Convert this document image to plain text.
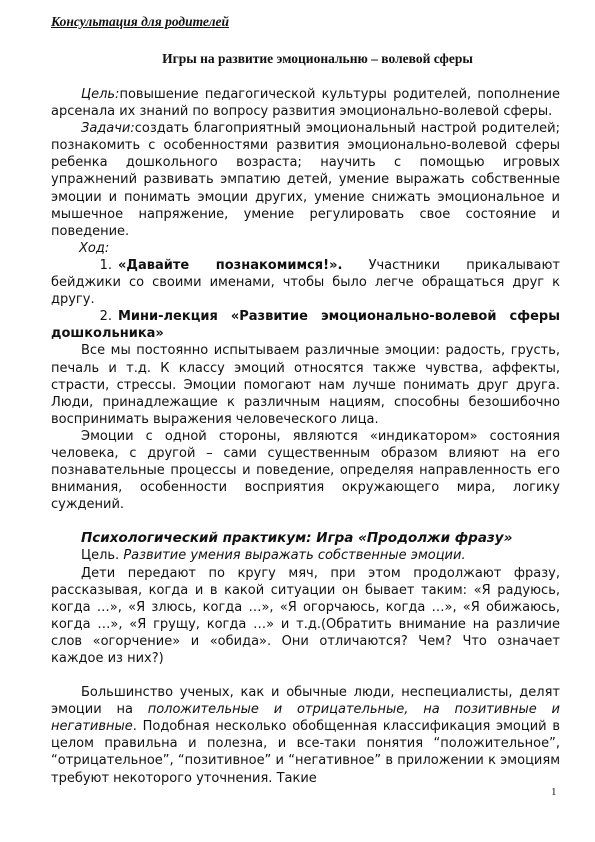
Консультация для родителей
Игры на развитие эмоциональню – волевой сферы

Цель:повышение педагогической культуры родителей, пополнение арсенала их знаний по вопросу развития эмоционально-волевой сферы.

Задачи:создать благоприятный эмоциональный настрой родителей; познакомить с особенностями развития эмоционально-волевой сферы ребенка дошкольного возраста; научить с помощью игровых упражнений развивать эмпатию детей, умение выражать собственные эмоции и понимать эмоции других, умение снижать эмоциональное и мышечное напряжение, умение регулировать свое состояние и поведение.

Ход:

1. «Давайте познакомимся!». Участники прикалывают бейджики со своими именами, чтобы было легче обращаться друг к другу.

2. Мини-лекция «Развитие эмоционально-волевой сферы дошкольника»

Все мы постоянно испытываем различные эмоции: радость, грусть, печаль и т.д. К классу эмоций относятся также чувства, аффекты, страсти, стрессы. Эмоции помогают нам лучше понимать друг друга. Люди, принадлежащие к различным нациям, способны безошибочно воспринимать выражения человеческого лица.

Эмоции с одной стороны, являются «индикатором» состояния человека, с другой – сами существенным образом влияют на его познавательные процессы и поведение, определяя направленность его внимания, особенности восприятия окружающего мира, логику суждений.

Психологический практикум: Игра «Продолжи фразу»

Цель. Развитие умения выражать собственные эмоции.

Дети передают по кругу мяч, при этом продолжают фразу, рассказывая, когда и в какой ситуации он бывает таким: «Я радуюсь, когда …», «Я злюсь, когда …», «Я огорчаюсь, когда …», «Я обижаюсь, когда …», «Я грущу, когда …» и т.д.(Обратить внимание на различие слов «огорчение» и «обида». Они отличаются? Чем? Что означает каждое из них?)

Большинство ученых, как и обычные люди, неспециалисты, делят эмоции на положительные и отрицательные, на позитивные и негативные. Подобная несколько обобщенная классификация эмоций в целом правильна и полезна, и все-таки понятия “положительное”, “отрицательное”, “позитивное” и “негативное” в приложении к эмоциям требуют некоторого уточнения. Такие

1
